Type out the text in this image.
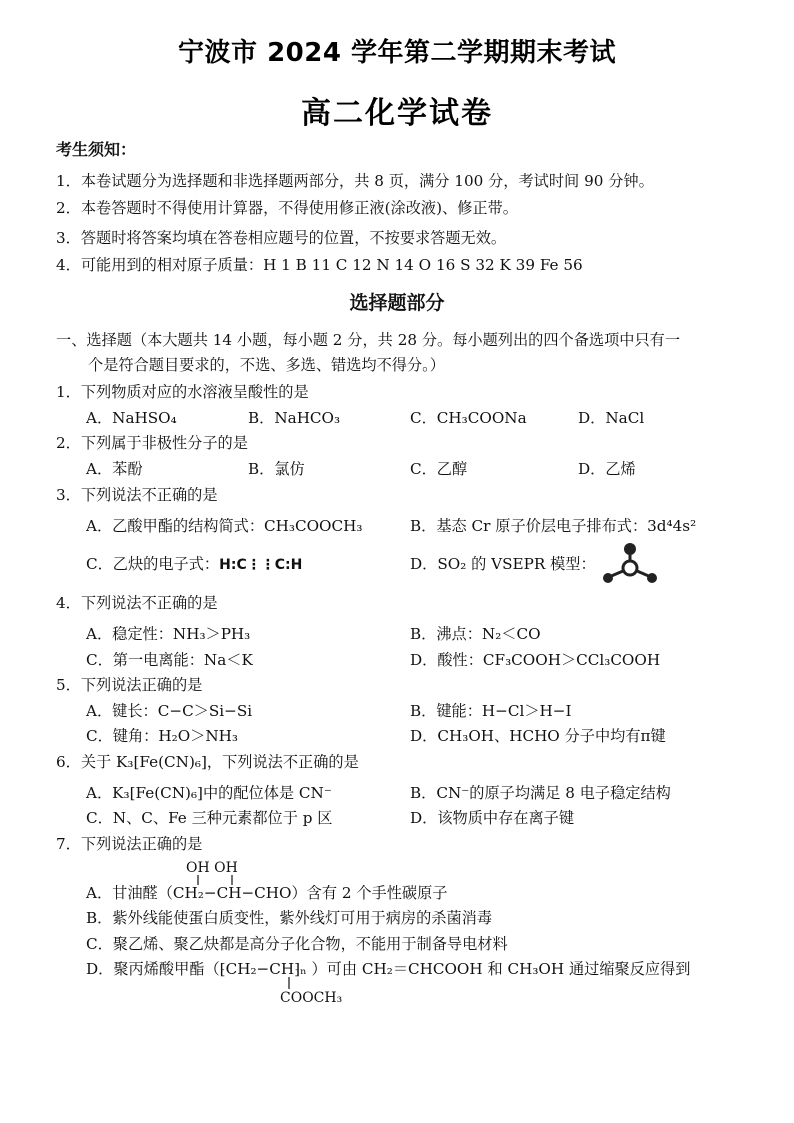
宁波市 2024 学年第二学期期末考试
高二化学试卷
考生须知：
1．本卷试题分为选择题和非选择题两部分，共 8 页，满分 100 分，考试时间 90 分钟。
2．本卷答题时不得使用计算器，不得使用修正液(涂改液)、修正带。
3．答题时将答案均填在答卷相应题号的位置，不按要求答题无效。
4．可能用到的相对原子质量：H 1 B 11 C 12 N 14 O 16 S 32 K 39 Fe 56
选择题部分
一、选择题（本大题共 14 小题，每小题 2 分，共 28 分。每小题列出的四个备选项中只有一
个是符合题目要求的，不选、多选、错选均不得分。）
1．下列物质对应的水溶液呈酸性的是
A．NaHSO₄	B．NaHCO₃	C．CH₃COONa	D．NaCl
2．下列属于非极性分子的是
A．苯酚	B．氯仿	C．乙醇	D．乙烯
3．下列说法不正确的是
A．乙酸甲酯的结构简式：CH₃COOCH₃	B．基态 Cr 原子价层电子排布式：3d⁴4s²
C．乙炔的电子式：H:C⋮⋮C:H	D．SO₂ 的 VSEPR 模型：
4．下列说法不正确的是
A．稳定性：NH₃＞PH₃	B．沸点：N₂＜CO
C．第一电离能：Na＜K	D．酸性：CF₃COOH＞CCl₃COOH
5．下列说法正确的是
A．键长：C−C＞Si−Si	B．键能：H−Cl＞H−I
C．键角：H₂O＞NH₃	D．CH₃OH、HCHO 分子中均有π键
6．关于 K₃[Fe(CN)₆]，下列说法不正确的是
A．K₃[Fe(CN)₆]中的配位体是 CN⁻	B．CN⁻的原子均满足 8 电子稳定结构
C．N、C、Fe 三种元素都位于 p 区	D．该物质中存在离子键
7．下列说法正确的是
OH OH
A．甘油醛（CH₂−CH−CHO）含有 2 个手性碳原子
B．紫外线能使蛋白质变性，紫外线灯可用于病房的杀菌消毒
C．聚乙烯、聚乙炔都是高分子化合物，不能用于制备导电材料
D．聚丙烯酸甲酯（⁅CH₂−CH⁆ₙ ）可由 CH₂＝CHCOOH 和 CH₃OH 通过缩聚反应得到
COOCH₃
